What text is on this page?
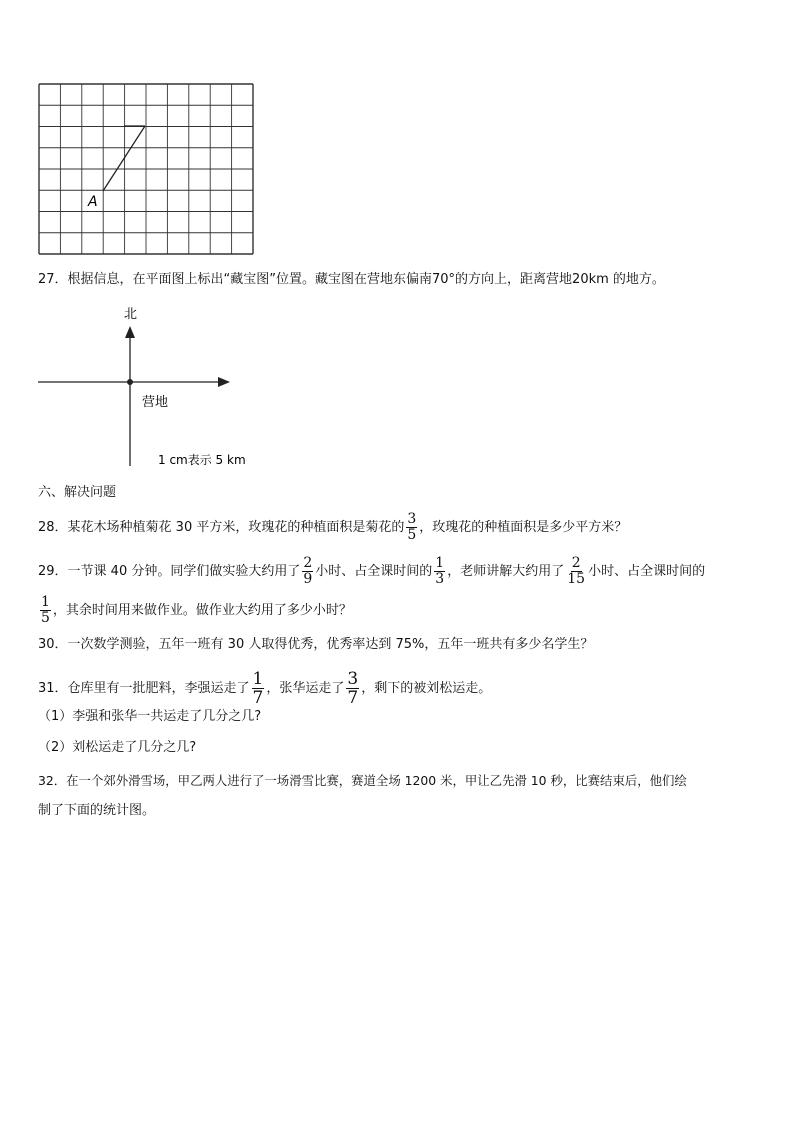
A
27．根据信息，在平面图上标出“藏宝图”位置。藏宝图在营地东偏南70°的方向上，距离营地20km 的地方。
北
营地
1 cm表示 5 km
六、解决问题
28．某花木场种植菊花 30 平方米，玫瑰花的种植面积是菊花的 $\frac{3}{5}$ ，玫瑰花的种植面积是多少平方米？
29．一节课 40 分钟。同学们做实验大约用了 $\frac{2}{9}$ 小时、占全课时间的 $\frac{1}{3}$ ，老师讲解大约用了 $\frac{2}{15}$ 小时、占全课时间的
$\frac{1}{5}$ ，其余时间用来做作业。做作业大约用了多少小时？
30．一次数学测验，五年一班有 30 人取得优秀，优秀率达到 75%，五年一班共有多少名学生？
31．仓库里有一批肥料，李强运走了 $\frac{1}{7}$ ，张华运走了 $\frac{3}{7}$ ，剩下的被刘松运走。
（1）李强和张华一共运走了几分之几?
（2）刘松运走了几分之几?
32．在一个郊外滑雪场，甲乙两人进行了一场滑雪比赛，赛道全场 1200 米，甲让乙先滑 10 秒，比赛结束后，他们绘
制了下面的统计图。
